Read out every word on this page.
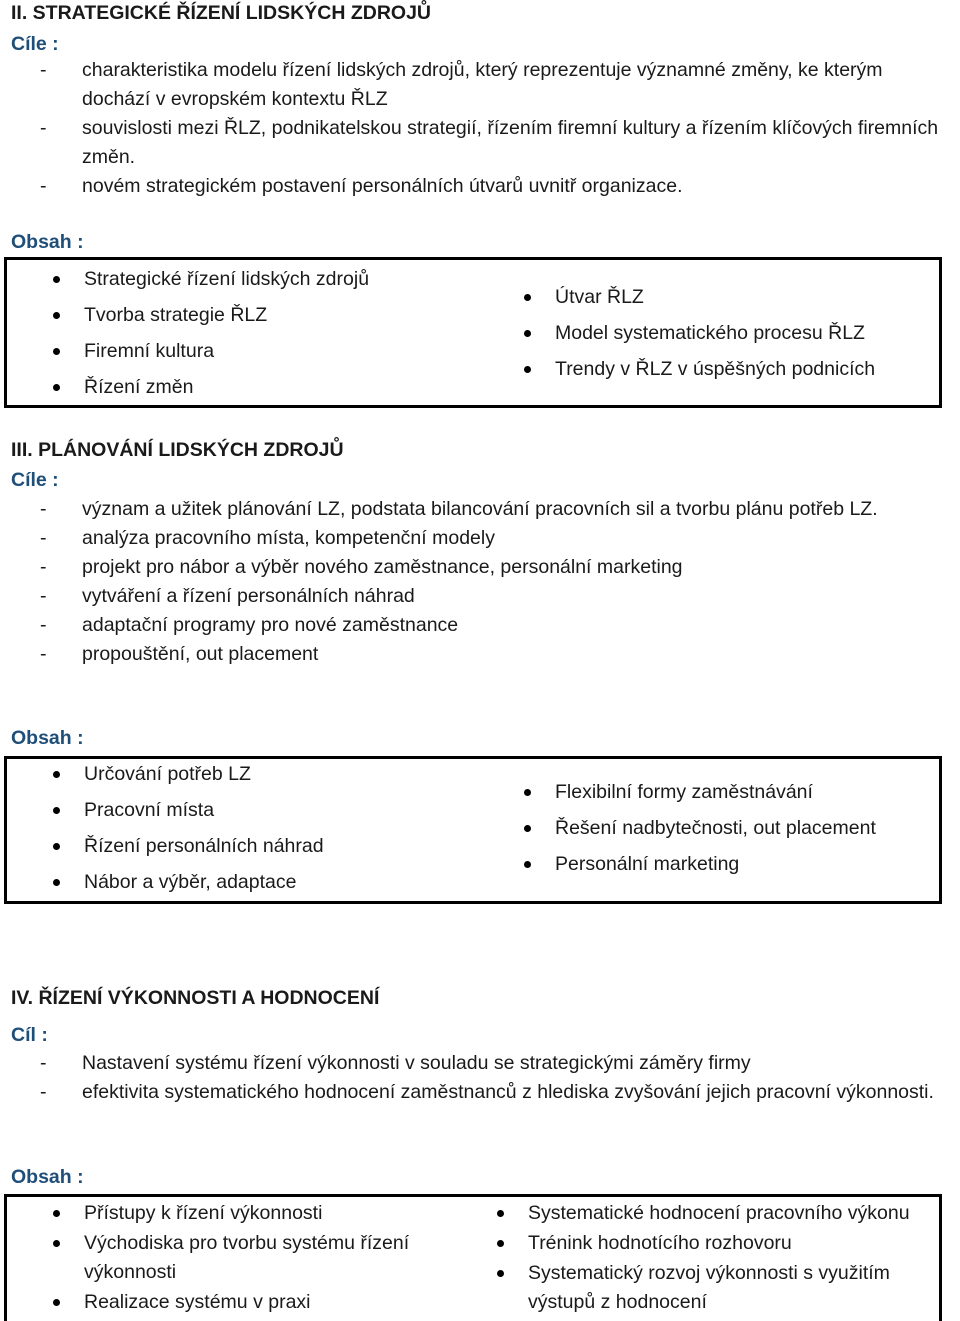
II. STRATEGICKÉ ŘÍZENÍ LIDSKÝCH ZDROJŮ
Cíle :
-	charakteristika modelu řízení lidských zdrojů, který reprezentuje významné změny, ke kterým dochází v evropském kontextu ŘLZ
-	souvislosti mezi ŘLZ, podnikatelskou strategií, řízením firemní kultury a řízením klíčových firemních změn.
-	novém strategickém postavení personálních útvarů uvnitř organizace.
Obsah :
Strategické řízení lidských zdrojů
Tvorba strategie ŘLZ
Firemní kultura
Řízení změn
Útvar ŘLZ
Model systematického procesu ŘLZ
Trendy v ŘLZ v úspěšných podnicích
III. PLÁNOVÁNÍ LIDSKÝCH ZDROJŮ
Cíle :
-	význam a užitek plánování LZ, podstata bilancování pracovních sil a tvorbu plánu potřeb LZ.
-	analýza pracovního místa, kompetenční modely
-	projekt pro nábor a výběr nového zaměstnance, personální marketing
-	vytváření a řízení personálních náhrad
-	adaptační programy pro nové zaměstnance
-	propouštění, out placement
Obsah :
Určování potřeb LZ
Pracovní místa
Řízení personálních náhrad
Nábor a výběr, adaptace
Flexibilní formy zaměstnávání
Řešení nadbytečnosti, out placement
Personální marketing
IV. ŘÍZENÍ VÝKONNOSTI A HODNOCENÍ
Cíl :
-	Nastavení systému řízení výkonnosti v souladu se strategickými záměry firmy
-	efektivita systematického hodnocení zaměstnanců z hlediska zvyšování jejich pracovní výkonnosti.
Obsah :
Přístupy k řízení výkonnosti
Východiska pro tvorbu systému řízení výkonnosti
Realizace systému v praxi
Systematické hodnocení pracovního výkonu
Trénink hodnotícího rozhovoru
Systematický rozvoj výkonnosti s využitím výstupů z hodnocení
